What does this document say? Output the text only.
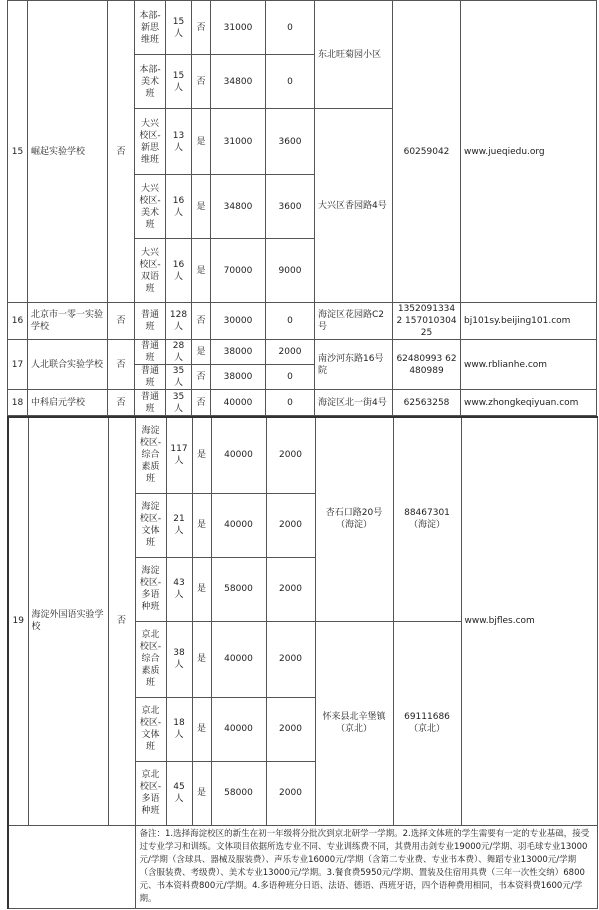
15	崛起实验学校	否	本部-新思维班	15人	否	31000	0	东北旺菊园小区	60259042	www.jueqiedu.org
			本部-美术班	15人	否	34800	0			
			大兴校区-新思维班	13人	是	31000	3600	大兴区香园路4号		
			大兴校区-美术班	16人	是	34800	3600			
			大兴校区-双语班	16人	是	70000	9000			
16	北京市一零一实验学校	否	普通班	128人	否	30000	0	海淀区花园路C2号	13520913342 15701030425	bj101sy.beijing101.com
17	人北联合实验学校	否	普通班	28人	是	38000	2000	南沙河东路16号院	62480993 62480989	www.rblianhe.com
			普通班	35人	否	38000	0			
18	中科启元学校	否	普通班	35人	否	40000	0	海淀区北一街4号	62563258	www.zhongkeqiyuan.com
19	海淀外国语实验学校	否	海淀校区-综合素质班	117人	是	40000	2000	杏石口路20号（海淀）	88467301（海淀）	www.bjfles.com
			海淀校区-文体班	21人	是	40000	2000			
			海淀校区-多语种班	43人	是	58000	2000			
			京北校区-综合素质班	38人	是	40000	2000	怀来县北辛堡镇（京北）	69111686（京北）	
			京北校区-文体班	18人	是	40000	2000			
			京北校区-多语种班	45人	是	58000	2000			
			备注：1.选择海淀校区的新生在初一年级将分批次到京北研学一学期。2.选择文体班的学生需要有一定的专业基础，接受过专业学习和训练。文体项目依据所选专业不同、专业训练费不同，其费用击剑专业19000元/学期、羽毛球专业13000元/学期（含球具、器械及服装费）、声乐专业16000元/学期（含第二专业费、专业书本费）、舞蹈专业13000元/学期（含服装费、考级费）、美术专业13000元/学期。3.餐食费5950元/学期、置装及住宿用具费（三年一次性交纳）6800元、书本资料费800元/学期。4.多语种班分日语、法语、德语、西班牙语，四个语种费用相同，书本资料费1600元/学期。							
